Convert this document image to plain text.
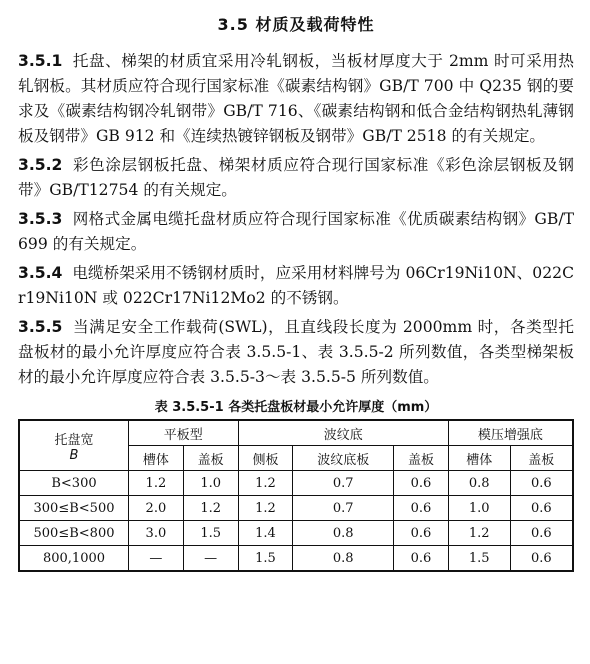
3.5 材质及载荷特性

3.5.1 托盘、梯架的材质宜采用冷轧钢板，当板材厚度大于 2mm 时可采用热轧钢板。其材质应符合现行国家标准《碳素结构钢》GB/T 700 中 Q235 钢的要求及《碳素结构钢冷轧钢带》GB/T 716、《碳素结构钢和低合金结构钢热轧薄钢板及钢带》GB 912 和《连续热镀锌钢板及钢带》GB/T 2518 的有关规定。

3.5.2 彩色涂层钢板托盘、梯架材质应符合现行国家标准《彩色涂层钢板及钢带》GB/T12754 的有关规定。

3.5.3 网格式金属电缆托盘材质应符合现行国家标准《优质碳素结构钢》GB/T 699 的有关规定。

3.5.4 电缆桥架采用不锈钢材质时，应采用材料牌号为 06Cr19Ni10N、022Cr19Ni10N 或 022Cr17Ni12Mo2 的不锈钢。

3.5.5 当满足安全工作载荷(SWL)，且直线段长度为 2000mm 时，各类型托盘板材的最小允许厚度应符合表 3.5.5-1、表 3.5.5-2 所列数值，各类型梯架板材的最小允许厚度应符合表 3.5.5-3～表 3.5.5-5 所列数值。

表 3.5.5-1 各类托盘板材最小允许厚度（mm）
托盘宽
B	平板型		波纹底			模压增强底	
	槽体	盖板	侧板	波纹底板	盖板	槽体	盖板
B<300	1.2	1.0	1.2	0.7	0.6	0.8	0.6
300≤B<500	2.0	1.2	1.2	0.7	0.6	1.0	0.6
500≤B<800	3.0	1.5	1.4	0.8	0.6	1.2	0.6
800,1000	—	—	1.5	0.8	0.6	1.5	0.6
